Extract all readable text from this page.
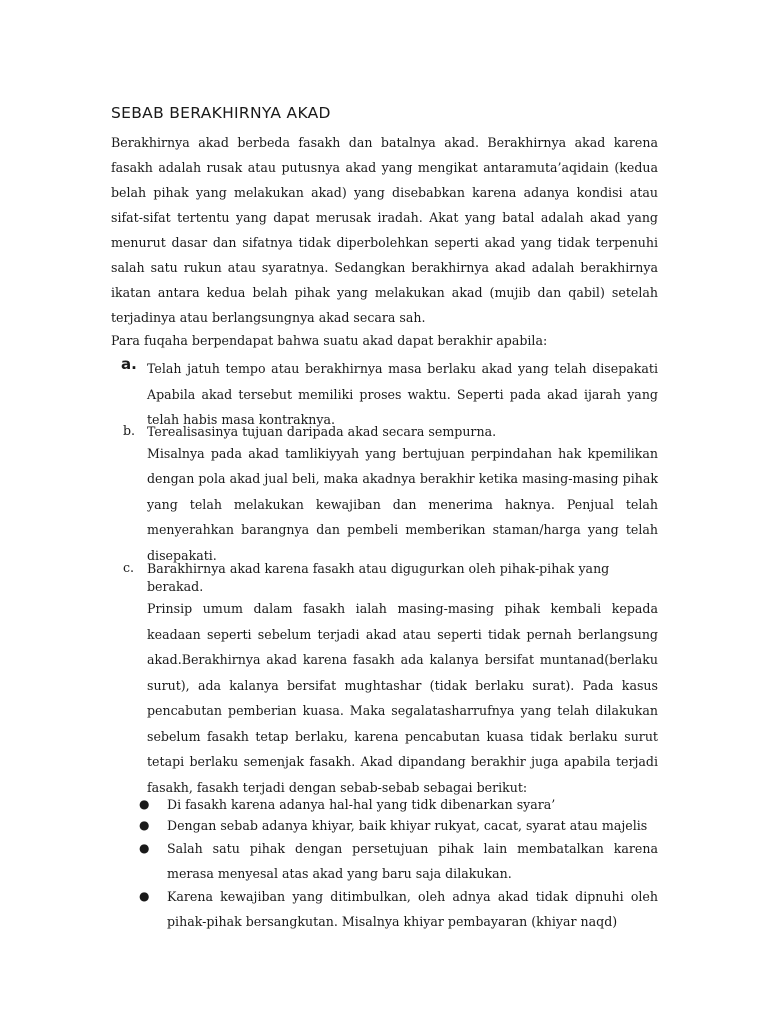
SEBAB BERAKHIRNYA AKAD

Berakhirnya akad berbeda fasakh dan batalnya akad. Berakhirnya akad karena fasakh adalah rusak atau putusnya akad yang mengikat antaramuta’aqidain (kedua belah pihak yang melakukan akad) yang disebabkan karena adanya kondisi atau sifat-sifat tertentu yang dapat merusak iradah. Akat yang batal adalah akad yang menurut dasar dan sifatnya tidak diperbolehkan seperti akad yang tidak terpenuhi salah satu rukun atau syaratnya. Sedangkan berakhirnya akad adalah berakhirnya ikatan antara kedua belah pihak yang melakukan akad (mujib dan qabil) setelah terjadinya atau berlangsungnya akad secara sah.

Para fuqaha berpendapat bahwa suatu akad dapat berakhir apabila:

a. Telah jatuh tempo atau berakhirnya masa berlaku akad yang telah disepakati Apabila akad tersebut memiliki proses waktu. Seperti pada akad ijarah yang telah habis masa kontraknya.
b. Terealisasinya tujuan daripada akad secara sempurna.
Misalnya pada akad tamlikiyyah yang bertujuan perpindahan hak kpemilikan dengan pola akad jual beli, maka akadnya berakhir ketika masing-masing pihak yang telah melakukan kewajiban dan menerima haknya. Penjual telah menyerahkan barangnya dan pembeli memberikan staman/harga yang telah disepakati.
c. Barakhirnya akad karena fasakh atau digugurkan oleh pihak-pihak yang berakad.
Prinsip umum dalam fasakh ialah masing-masing pihak kembali kepada keadaan seperti sebelum terjadi akad atau seperti tidak pernah berlangsung akad.Berakhirnya akad karena fasakh ada kalanya bersifat muntanad(berlaku surut), ada kalanya bersifat mughtashar (tidak berlaku surat). Pada kasus pencabutan pemberian kuasa. Maka segalatasharrufnya yang telah dilakukan sebelum fasakh tetap berlaku, karena pencabutan kuasa tidak berlaku surut tetapi berlaku semenjak fasakh. Akad dipandang berakhir juga apabila terjadi fasakh, fasakh terjadi dengan sebab-sebab sebagai berikut:
● Di fasakh karena adanya hal-hal yang tidk dibenarkan syara’
● Dengan sebab adanya khiyar, baik khiyar rukyat, cacat, syarat atau majelis
● Salah satu pihak dengan persetujuan pihak lain membatalkan karena merasa menyesal atas akad yang baru saja dilakukan.
● Karena kewajiban yang ditimbulkan, oleh adnya akad tidak dipnuhi oleh pihak-pihak bersangkutan. Misalnya khiyar pembayaran (khiyar naqd)
